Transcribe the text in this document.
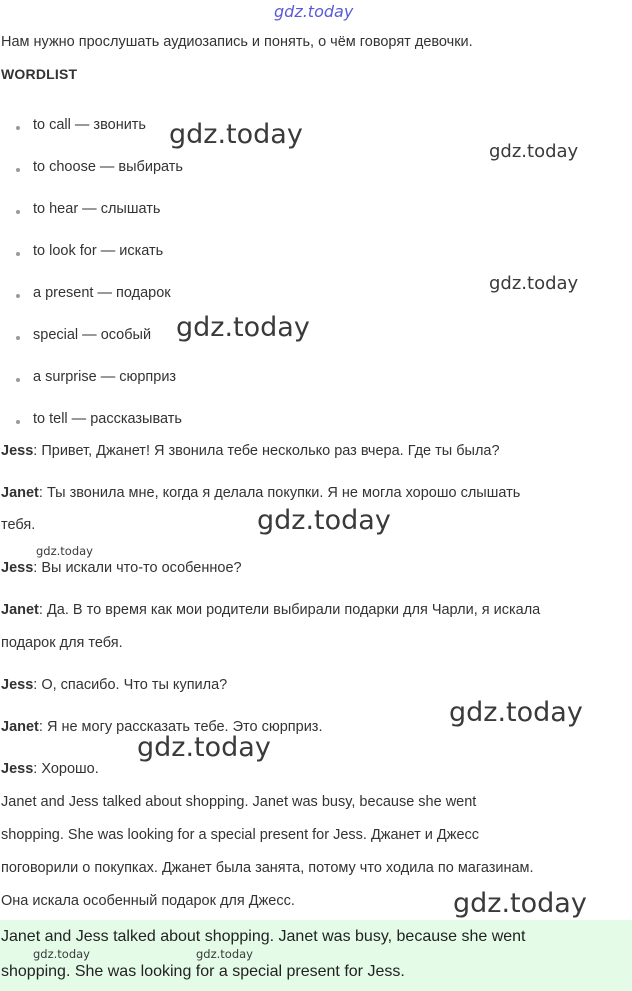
gdz.today
Нам нужно прослушать аудиозапись и понять, о чём говорят девочки.
WORDLIST
to call — звонить
to choose — выбирать
to hear — слышать
to look for — искать
a present — подарок
special — особый
a surprise — сюрприз
to tell — рассказывать
Jess: Привет, Джанет! Я звонила тебе несколько раз вчера. Где ты была?
Janet: Ты звонила мне, когда я делала покупки. Я не могла хорошо слышать
тебя.
Jess: Вы искали что-то особенное?
Janet: Да. В то время как мои родители выбирали подарки для Чарли, я искала
подарок для тебя.
Jess: О, спасибо. Что ты купила?
Janet: Я не могу рассказать тебе. Это сюрприз.
Jess: Хорошо.
Janet and Jess talked about shopping. Janet was busy, because she went
shopping. She was looking for a special present for Jess. Джанет и Джесс
поговорили о покупках. Джанет была занята, потому что ходила по магазинам.
Она искала особенный подарок для Джесс.
Janet and Jess talked about shopping. Janet was busy, because she went
shopping. She was looking for a special present for Jess.
gdz.today
gdz.today
gdz.today
gdz.today
gdz.today
gdz.today
gdz.today
gdz.today
gdz.today
gdz.today	gdz.today
